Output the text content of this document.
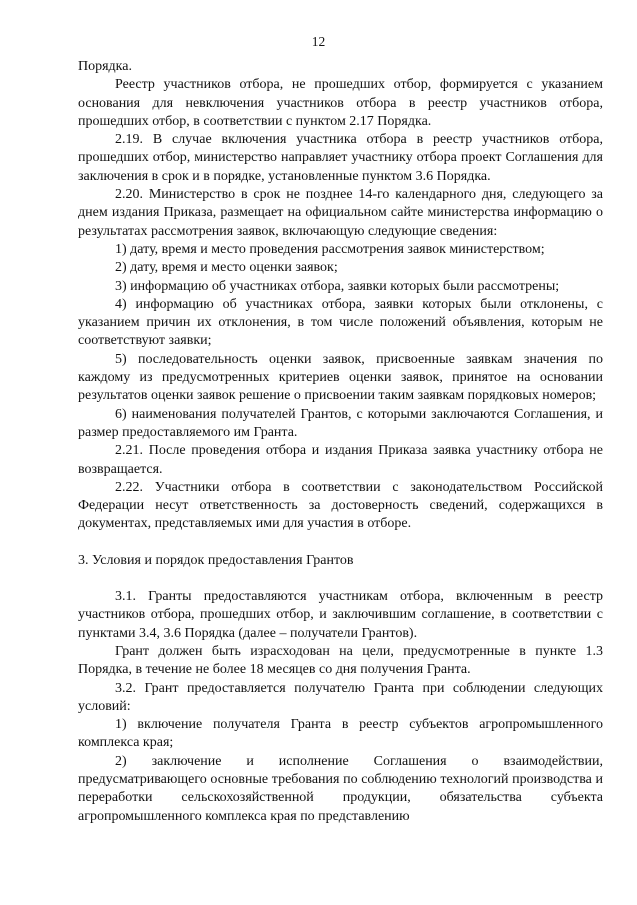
12

Порядка.

Реестр участников отбора, не прошедших отбор, формируется с указанием основания для невключения участников отбора в реестр участников отбора, прошедших отбор, в соответствии с пунктом 2.17 Порядка.

2.19. В случае включения участника отбора в реестр участников отбора, прошедших отбор, министерство направляет участнику отбора проект Соглашения для заключения в срок и в порядке, установленные пунктом 3.6 Порядка.

2.20. Министерство в срок не позднее 14-го календарного дня, следующего за днем издания Приказа, размещает на официальном сайте министерства информацию о результатах рассмотрения заявок, включающую следующие сведения:

1) дату, время и место проведения рассмотрения заявок министерством;

2) дату, время и место оценки заявок;

3) информацию об участниках отбора, заявки которых были рассмотрены;

4) информацию об участниках отбора, заявки которых были отклонены, с указанием причин их отклонения, в том числе положений объявления, которым не соответствуют заявки;

5) последовательность оценки заявок, присвоенные заявкам значения по каждому из предусмотренных критериев оценки заявок, принятое на основании результатов оценки заявок решение о присвоении таким заявкам порядковых номеров;

6) наименования получателей Грантов, с которыми заключаются Соглашения, и размер предоставляемого им Гранта.

2.21. После проведения отбора и издания Приказа заявка участнику отбора не возвращается.

2.22. Участники отбора в соответствии с законодательством Российской Федерации несут ответственность за достоверность сведений, содержащихся в документах, представляемых ими для участия в отборе.

3. Условия и порядок предоставления Грантов

3.1. Гранты предоставляются участникам отбора, включенным в реестр участников отбора, прошедших отбор, и заключившим соглашение, в соответствии с пунктами 3.4, 3.6 Порядка (далее – получатели Грантов).

Грант должен быть израсходован на цели, предусмотренные в пункте 1.3 Порядка, в течение не более 18 месяцев со дня получения Гранта.

3.2. Грант предоставляется получателю Гранта при соблюдении следующих условий:

1) включение получателя Гранта в реестр субъектов агропромышленного комплекса края;

2) заключение и исполнение Соглашения о взаимодействии, предусматривающего основные требования по соблюдению технологий производства и переработки сельскохозяйственной продукции, обязательства субъекта агропромышленного комплекса края по представлению
